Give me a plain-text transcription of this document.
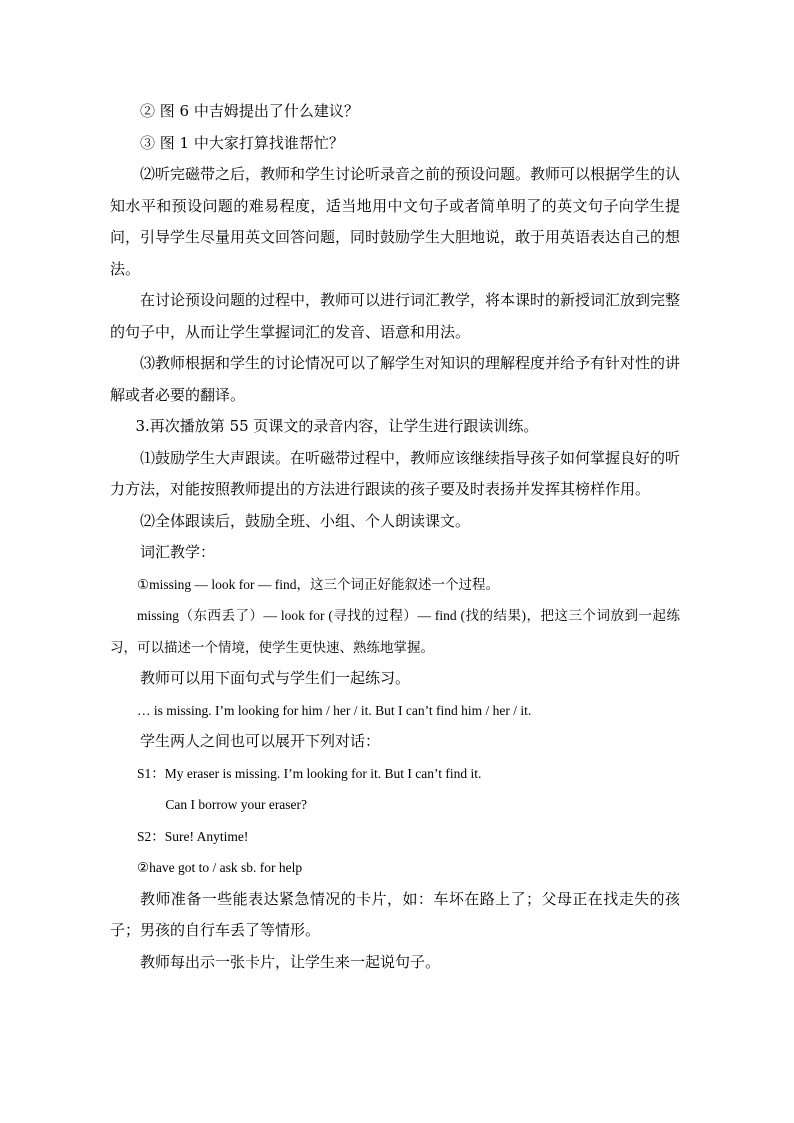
② 图 6 中吉姆提出了什么建议？

③ 图 1 中大家打算找谁帮忙？

⑵听完磁带之后，教师和学生讨论听录音之前的预设问题。教师可以根据学生的认知水平和预设问题的难易程度，适当地用中文句子或者简单明了的英文句子向学生提问，引导学生尽量用英文回答问题，同时鼓励学生大胆地说，敢于用英语表达自己的想法。

在讨论预设问题的过程中，教师可以进行词汇教学，将本课时的新授词汇放到完整的句子中，从而让学生掌握词汇的发音、语意和用法。

⑶教师根据和学生的讨论情况可以了解学生对知识的理解程度并给予有针对性的讲解或者必要的翻译。

3.再次播放第 55 页课文的录音内容，让学生进行跟读训练。

⑴鼓励学生大声跟读。在听磁带过程中，教师应该继续指导孩子如何掌握良好的听力方法，对能按照教师提出的方法进行跟读的孩子要及时表扬并发挥其榜样作用。

⑵全体跟读后，鼓励全班、小组、个人朗读课文。

词汇教学：

①missing — look for — find，这三个词正好能叙述一个过程。

missing（东西丢了）— look for (寻找的过程）— find (找的结果)，把这三个词放到一起练习，可以描述一个情境，使学生更快速、熟练地掌握。

教师可以用下面句式与学生们一起练习。

… is missing. I’m looking for him / her / it. But I can’t find him / her / it.

学生两人之间也可以展开下列对话：

S1：My eraser is missing. I’m looking for it. But I can’t find it.

Can I borrow your eraser?

S2：Sure! Anytime!

②have got to / ask sb. for help

教师准备一些能表达紧急情况的卡片，如：车坏在路上了；父母正在找走失的孩子；男孩的自行车丢了等情形。

教师每出示一张卡片，让学生来一起说句子。
